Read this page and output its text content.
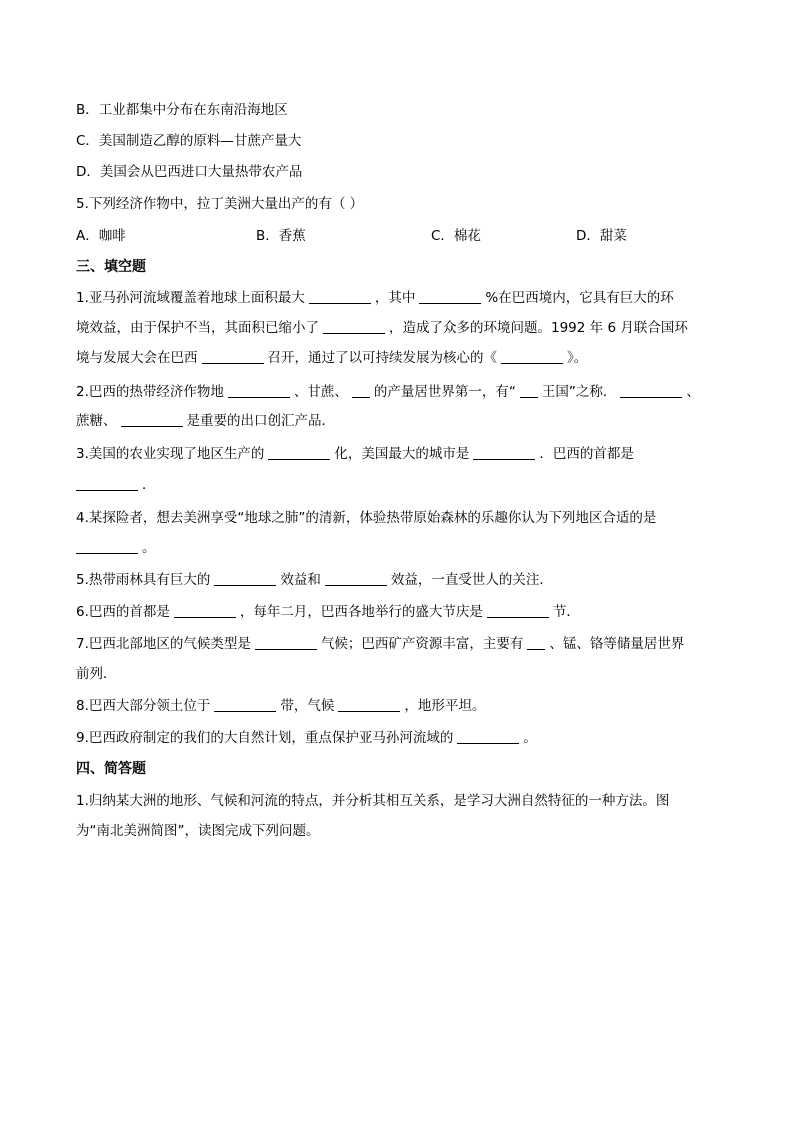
B．工业都集中分布在东南沿海地区
C．美国制造乙醇的原料—甘蔗产量大
D．美国会从巴西进口大量热带农产品
5.下列经济作物中，拉丁美洲大量出产的有（ ）
A．咖啡	B．香蕉	C．棉花	D．甜菜
三、填空题
1.亚马孙河流域覆盖着地球上面积最大	，其中	%在巴西境内，它具有巨大的环
境效益，由于保护不当，其面积已缩小了	，造成了众多的环境问题。1992 年 6 月联合国环
境与发展大会在巴西	召开，通过了以可持续发展为核心的《	》。
2.巴西的热带经济作物地	、甘蔗、 的产量居世界第一，有“ 王国”之称．	、
蔗糖、	是重要的出口创汇产品．
3.美国的农业实现了地区生产的	化，美国最大的城市是	．巴西的首都是
．
4.某探险者，想去美洲享受“地球之肺”的清新，体验热带原始森林的乐趣你认为下列地区合适的是
。
5.热带雨林具有巨大的	效益和	效益，一直受世人的关注．
6.巴西的首都是	，每年二月，巴西各地举行的盛大节庆是	节．
7.巴西北部地区的气候类型是	气候；巴西矿产资源丰富，主要有 、锰、铬等储量居世界
前列．
8.巴西大部分领土位于	带，气候	，地形平坦。
9.巴西政府制定的我们的大自然计划，重点保护亚马孙河流域的	。
四、简答题
1.归纳某大洲的地形、气候和河流的特点，并分析其相互关系，是学习大洲自然特征的一种方法。图
为“南北美洲简图”，读图完成下列问题。
